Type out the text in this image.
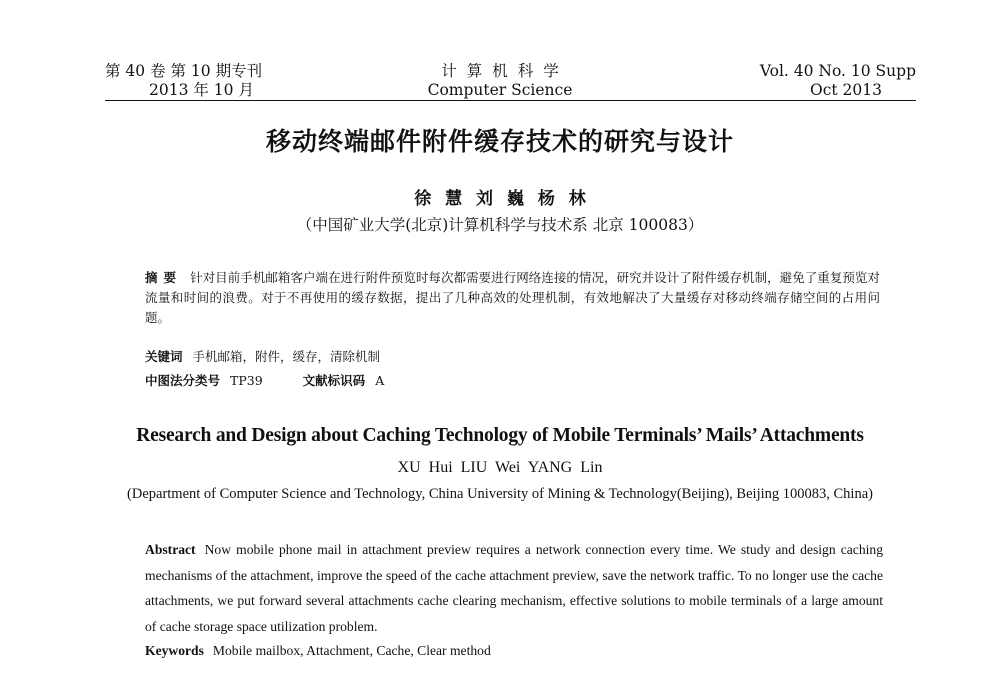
第 40 卷 第 10 期专刊
2013 年 10 月
计算机科学
Computer Science
Vol. 40 No. 10 Supp
Oct 2013
移动终端邮件附件缓存技术的研究与设计
徐 慧 刘 巍 杨 林
（中国矿业大学(北京)计算机科学与技术系 北京 100083）
摘要 针对目前手机邮箱客户端在进行附件预览时每次都需要进行网络连接的情况，研究并设计了附件缓存机制，避免了重复预览对流量和时间的浪费。对于不再使用的缓存数据，提出了几种高效的处理机制，有效地解决了大量缓存对移动终端存储空间的占用问题。
关键词 手机邮箱，附件，缓存，清除机制
中图法分类号 TP39	文献标识码 A
Research and Design about Caching Technology of Mobile Terminals’ Mails’ Attachments
XU Hui LIU Wei YANG Lin
(Department of Computer Science and Technology, China University of Mining & Technology(Beijing), Beijing 100083, China)
Abstract Now mobile phone mail in attachment preview requires a network connection every time. We study and design caching mechanisms of the attachment, improve the speed of the cache attachment preview, save the network traffic. To no longer use the cache attachments, we put forward several attachments cache clearing mechanism, effective solutions to mobile terminals of a large amount of cache storage space utilization problem.
Keywords Mobile mailbox, Attachment, Cache, Clear method
